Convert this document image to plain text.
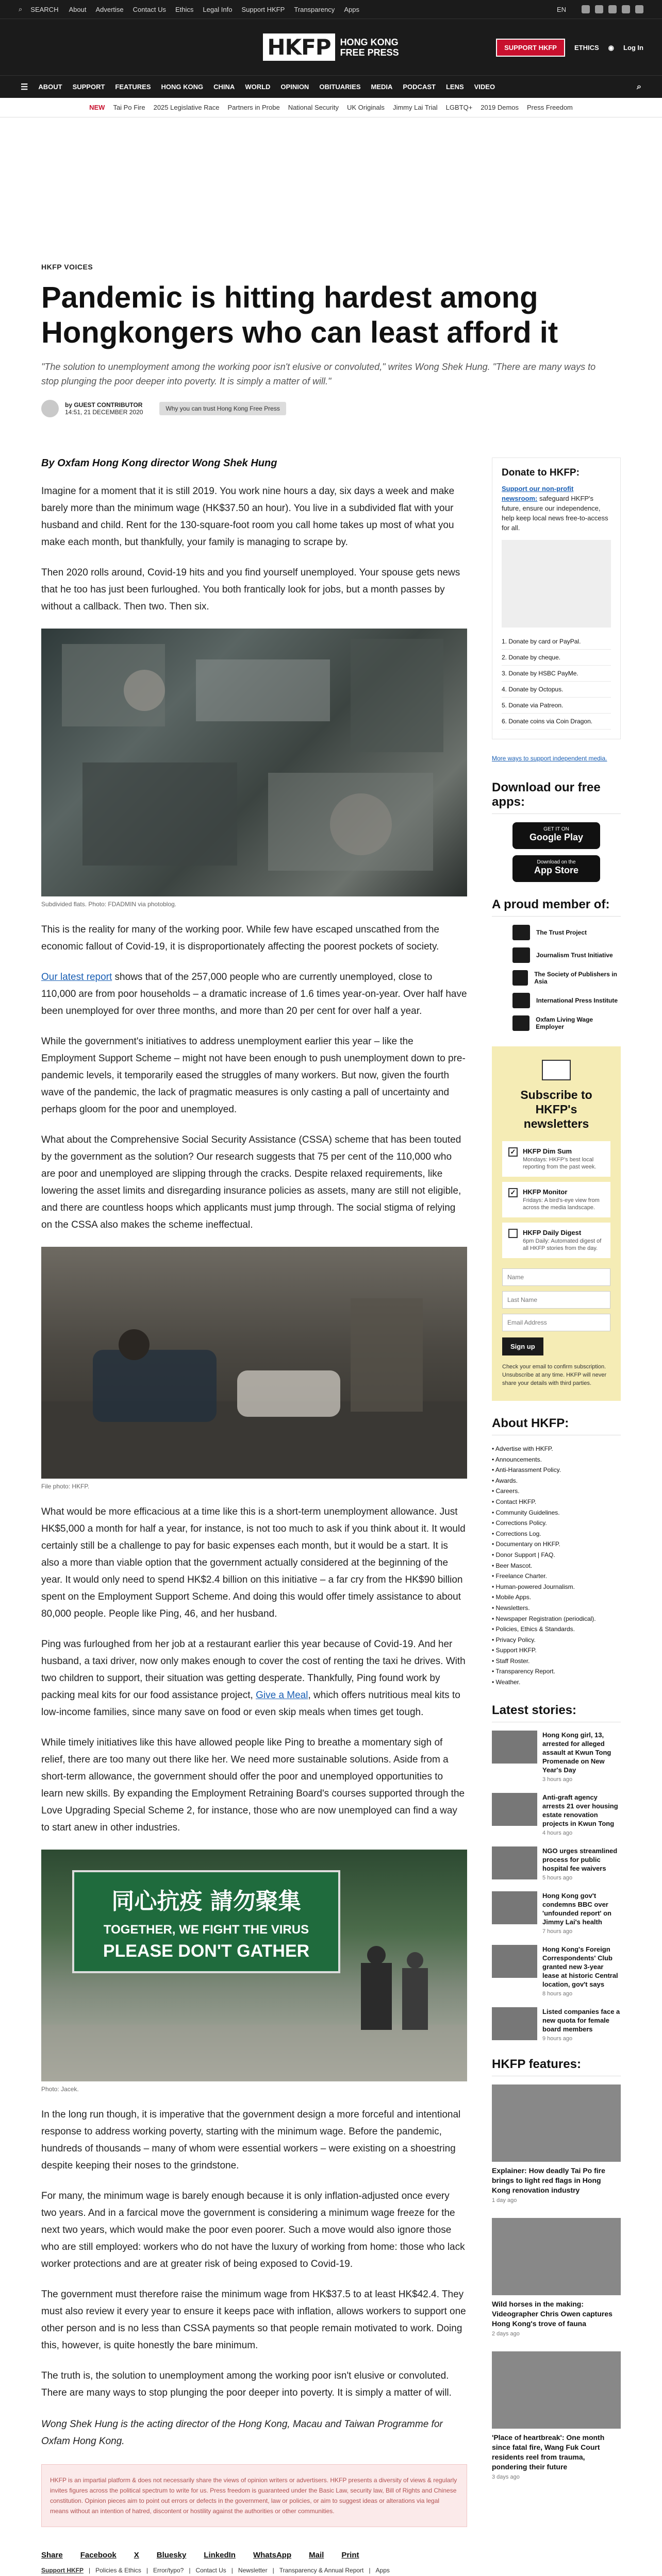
⌕ SEARCH About Advertise Contact Us Ethics Legal Info Support HKFP Transparency Apps	EN
HKFP	HONG KONG
FREE PRESS	SUPPORT HKFP	ETHICS ◉ Log In
☰ ABOUT SUPPORT FEATURES HONG KONG CHINA WORLD OPINION OBITUARIES MEDIA PODCAST LENS VIDEO	⌕
NEW Tai Po Fire 2025 Legislative Race Partners in Probe National Security UK Originals Jimmy Lai Trial LGBTQ+ 2019 Demos Press Freedom
HKFP VOICES
Pandemic is hitting hardest among Hongkongers who can least afford it
"The solution to unemployment among the working poor isn't elusive or convoluted," writes Wong Shek Hung. "There are many ways to stop plunging the poor deeper into poverty. It is simply a matter of will."
by GUEST CONTRIBUTOR
14:51, 21 DECEMBER 2020	Why you can trust Hong Kong Free Press
By Oxfam Hong Kong director Wong Shek Hung

Imagine for a moment that it is still 2019. You work nine hours a day, six days a week and make barely more than the minimum wage (HK$37.50 an hour). You live in a subdivided flat with your husband and child. Rent for the 130-square-foot room you call home takes up most of what you make each month, but thankfully, your family is managing to scrape by.

Then 2020 rolls around, Covid-19 hits and you find yourself unemployed. Your spouse gets news that he too has just been furloughed. You both frantically look for jobs, but a month passes by without a callback. Then two. Then six.

Subdivided flats. Photo: FDADMIN via photoblog.

This is the reality for many of the working poor. While few have escaped unscathed from the economic fallout of Covid-19, it is disproportionately affecting the poorest pockets of society.

Our latest report shows that of the 257,000 people who are currently unemployed, close to 110,000 are from poor households – a dramatic increase of 1.6 times year-on-year. Over half have been unemployed for over three months, and more than 20 per cent for over half a year.

While the government's initiatives to address unemployment earlier this year – like the Employment Support Scheme – might not have been enough to push unemployment down to pre-pandemic levels, it temporarily eased the struggles of many workers. But now, given the fourth wave of the pandemic, the lack of pragmatic measures is only casting a pall of uncertainty and perhaps gloom for the poor and unemployed.

What about the Comprehensive Social Security Assistance (CSSA) scheme that has been touted by the government as the solution? Our research suggests that 75 per cent of the 110,000 who are poor and unemployed are slipping through the cracks. Despite relaxed requirements, like lowering the asset limits and disregarding insurance policies as assets, many are still not eligible, and there are countless hoops which applicants must jump through. The social stigma of relying on the CSSA also makes the scheme ineffectual.

File photo: HKFP.

What would be more efficacious at a time like this is a short-term unemployment allowance. Just HK$5,000 a month for half a year, for instance, is not too much to ask if you think about it. It would certainly still be a challenge to pay for basic expenses each month, but it would be a start. It is also a more than viable option that the government actually considered at the beginning of the year. It would only need to spend HK$2.4 billion on this initiative – a far cry from the HK$90 billion spent on the Employment Support Scheme. And doing this would offer timely assistance to about 80,000 people. People like Ping, 46, and her husband.

Ping was furloughed from her job at a restaurant earlier this year because of Covid-19. And her husband, a taxi driver, now only makes enough to cover the cost of renting the taxi he drives. With two children to support, their situation was getting desperate. Thankfully, Ping found work by packing meal kits for our food assistance project, Give a Meal, which offers nutritious meal kits to low-income families, since many save on food or even skip meals when times get tough.

While timely initiatives like this have allowed people like Ping to breathe a momentary sigh of relief, there are too many out there like her. We need more sustainable solutions. Aside from a short-term allowance, the government should offer the poor and unemployed opportunities to learn new skills. By expanding the Employment Retraining Board's courses supported through the Love Upgrading Special Scheme 2, for instance, those who are now unemployed can find a way to start anew in other industries.

同心抗疫 請勿聚集
TOGETHER, WE FIGHT THE VIRUS
PLEASE DON'T GATHER
Photo: Jacek.

In the long run though, it is imperative that the government design a more forceful and intentional response to address working poverty, starting with the minimum wage. Before the pandemic, hundreds of thousands – many of whom were essential workers – were existing on a shoestring despite keeping their noses to the grindstone.

For many, the minimum wage is barely enough because it is only inflation-adjusted once every two years. And in a farcical move the government is considering a minimum wage freeze for the next two years, which would make the poor even poorer. Such a move would also ignore those who are still employed: workers who do not have the luxury of working from home: those who lack worker protections and are at greater risk of being exposed to Covid-19.

The government must therefore raise the minimum wage from HK$37.5 to at least HK$42.4. They must also review it every year to ensure it keeps pace with inflation, allows workers to support one other person and is no less than CSSA payments so that people remain motivated to work. Doing this, however, is quite honestly the bare minimum.

The truth is, the solution to unemployment among the working poor isn't elusive or convoluted. There are many ways to stop plunging the poor deeper into poverty. It is simply a matter of will.

Wong Shek Hung is the acting director of the Hong Kong, Macau and Taiwan Programme for Oxfam Hong Kong.
HKFP is an impartial platform & does not necessarily share the views of opinion writers or advertisers. HKFP presents a diversity of views & regularly invites figures across the political spectrum to write for us. Press freedom is guaranteed under the Basic Law, security law, Bill of Rights and Chinese constitution. Opinion pieces aim to point out errors or defects in the government, law or policies, or aim to suggest ideas or alterations via legal means without an intention of hatred, discontent or hostility against the authorities or other communities.
Share Facebook X Bluesky LinkedIn WhatsApp Mail Print
Support HKFP | Policies & Ethics | Error/typo? | Contact Us | Newsletter | Transparency & Annual Report | Apps
Donate to HKFP:
Support our non-profit newsroom: safeguard HKFP's future, ensure our independence, help keep local news free-to-access for all.
1. Donate by card or PayPal.
2. Donate by cheque.
3. Donate by HSBC PayMe.
4. Donate by Octopus.
5. Donate via Patreon.
6. Donate coins via Coin Dragon.
More ways to support independent media.
Download our free apps:
GET IT ON
Google Play
Download on the
App Store
A proud member of:
The Trust Project
Journalism Trust Initiative
The Society of Publishers in Asia
International Press Institute
Oxfam Living Wage Employer
Subscribe to HKFP's newsletters
✓ HKFP Dim Sum
Mondays: HKFP's best local reporting from the past week.
✓ HKFP Monitor
Fridays: A bird's-eye view from across the media landscape.
HKFP Daily Digest
6pm Daily: Automated digest of all HKFP stories from the day.
Name Last Name Email Address Sign up
Check your email to confirm subscription. Unsubscribe at any time. HKFP will never share your details with third parties.
About HKFP:
• Advertise with HKFP.
• Announcements.
• Anti-Harassment Policy.
• Awards.
• Careers.
• Contact HKFP.
• Community Guidelines.
• Corrections Policy.
• Corrections Log.
• Documentary on HKFP.
• Donor Support | FAQ.
• Beer Mascot.
• Freelance Charter.
• Human-powered Journalism.
• Mobile Apps.
• Newsletters.
• Newspaper Registration (periodical).
• Policies, Ethics & Standards.
• Privacy Policy.
• Support HKFP.
• Staff Roster.
• Transparency Report.
• Weather.
Latest stories:
Hong Kong girl, 13, arrested for alleged assault at Kwun Tong Promenade on New Year's Day
3 hours ago
Anti-graft agency arrests 21 over housing estate renovation projects in Kwun Tong
4 hours ago
NGO urges streamlined process for public hospital fee waivers
5 hours ago
Hong Kong gov't condemns BBC over 'unfounded report' on Jimmy Lai's health
7 hours ago
Hong Kong's Foreign Correspondents' Club granted new 3-year lease at historic Central location, gov't says
8 hours ago
Listed companies face a new quota for female board members
9 hours ago
HKFP features:
Explainer: How deadly Tai Po fire brings to light red flags in Hong Kong renovation industry
1 day ago
Wild horses in the making: Videographer Chris Owen captures Hong Kong's trove of fauna
2 days ago
'Place of heartbreak': One month since fatal fire, Wang Fuk Court residents reel from trauma, pondering their future
3 days ago
